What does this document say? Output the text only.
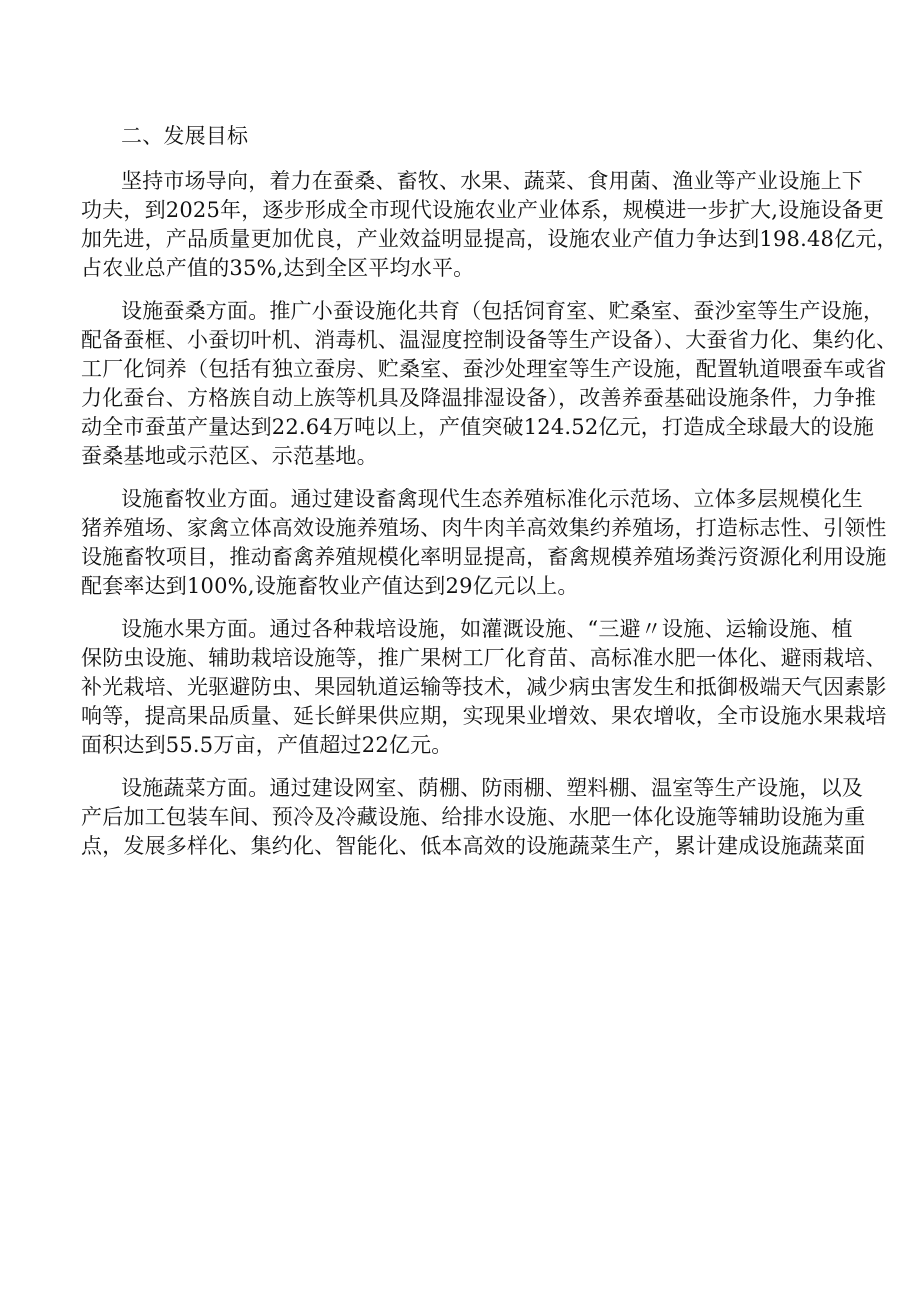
二、发展目标
坚持市场导向，着力在蚕桑、畜牧、水果、蔬菜、食用菌、渔业等产业设施上下
功夫，到2025年，逐步形成全市现代设施农业产业体系，规模进一步扩大,设施设备更
加先进，产品质量更加优良，产业效益明显提高，设施农业产值力争达到198.48亿元，
占农业总产值的35%,达到全区平均水平。
设施蚕桑方面。推广小蚕设施化共育（包括饲育室、贮桑室、蚕沙室等生产设施，
配备蚕框、小蚕切叶机、消毒机、温湿度控制设备等生产设备）、大蚕省力化、集约化、
工厂化饲养（包括有独立蚕房、贮桑室、蚕沙处理室等生产设施，配置轨道喂蚕车或省
力化蚕台、方格族自动上族等机具及降温排湿设备），改善养蚕基础设施条件，力争推
动全市蚕茧产量达到22.64万吨以上，产值突破124.52亿元，打造成全球最大的设施
蚕桑基地或示范区、示范基地。
设施畜牧业方面。通过建设畜禽现代生态养殖标准化示范场、立体多层规模化生
猪养殖场、家禽立体高效设施养殖场、肉牛肉羊高效集约养殖场，打造标志性、引领性
设施畜牧项目，推动畜禽养殖规模化率明显提高，畜禽规模养殖场粪污资源化利用设施
配套率达到100%,设施畜牧业产值达到29亿元以上。
设施水果方面。通过各种栽培设施，如灌溉设施、“三避〃设施、运输设施、植
保防虫设施、辅助栽培设施等，推广果树工厂化育苗、高标准水肥一体化、避雨栽培、
补光栽培、光驱避防虫、果园轨道运输等技术，减少病虫害发生和抵御极端天气因素影
响等，提高果品质量、延长鲜果供应期，实现果业增效、果农增收，全市设施水果栽培
面积达到55.5万亩，产值超过22亿元。
设施蔬菜方面。通过建设网室、荫棚、防雨棚、塑料棚、温室等生产设施，以及
产后加工包装车间、预冷及冷藏设施、给排水设施、水肥一体化设施等辅助设施为重
点，发展多样化、集约化、智能化、低本高效的设施蔬菜生产，累计建成设施蔬菜面
